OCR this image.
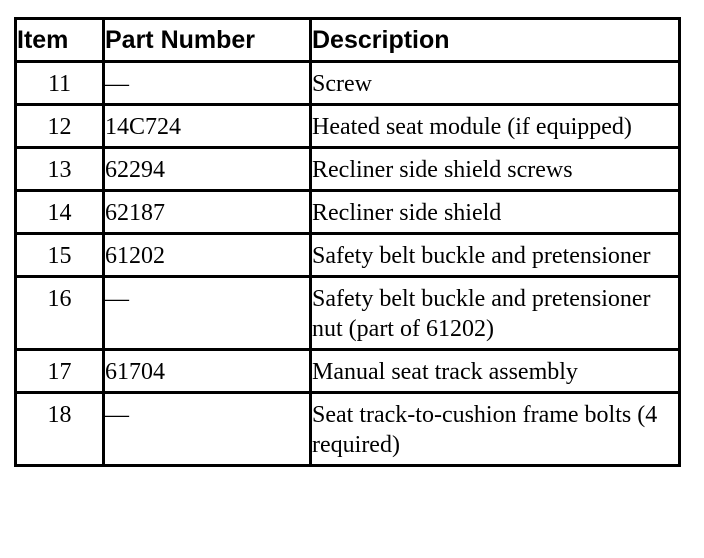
Item	Part Number	Description
11	—	Screw
12	14C724	Heated seat module (if equipped)
13	62294	Recliner side shield screws
14	62187	Recliner side shield
15	61202	Safety belt buckle and pretensioner
16	—	Safety belt buckle and pretensioner nut (part of 61202)
17	61704	Manual seat track assembly
18	—	Seat track-to-cushion frame bolts (4 required)
